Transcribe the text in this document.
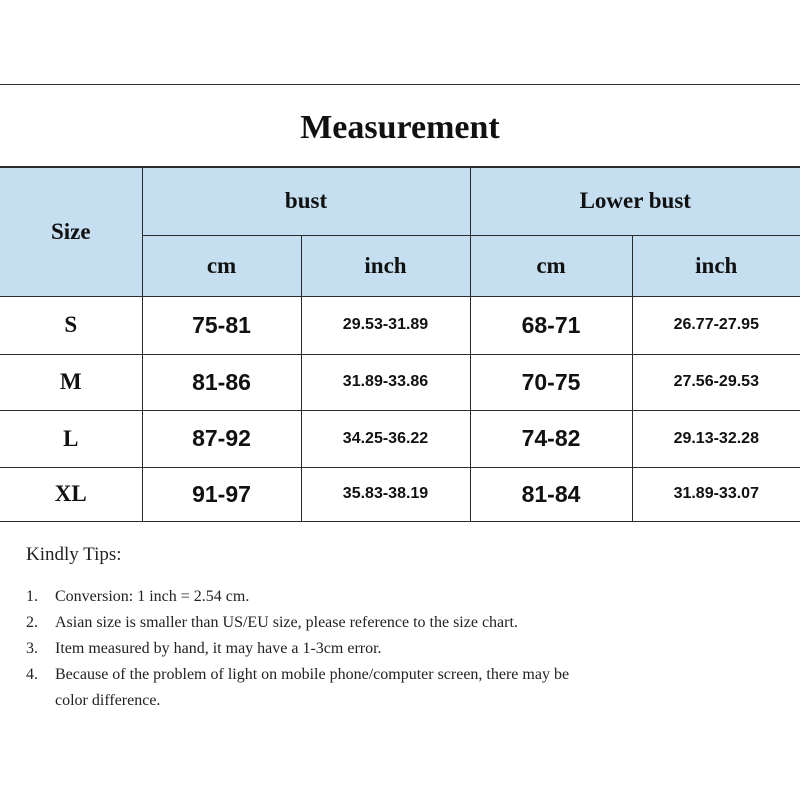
Measurement
Size	bust		Lower bust	
	cm	inch	cm	inch
S	75-81	29.53-31.89	68-71	26.77-27.95
M	81-86	31.89-33.86	70-75	27.56-29.53
L	87-92	34.25-36.22	74-82	29.13-32.28
XL	91-97	35.83-38.19	81-84	31.89-33.07
Kindly Tips:
1. Conversion: 1 inch = 2.54 cm.
2. Asian size is smaller than US/EU size, please reference to the size chart.
3. Item measured by hand, it may have a 1-3cm error.
4. Because of the problem of light on mobile phone/computer screen, there may be
color difference.
